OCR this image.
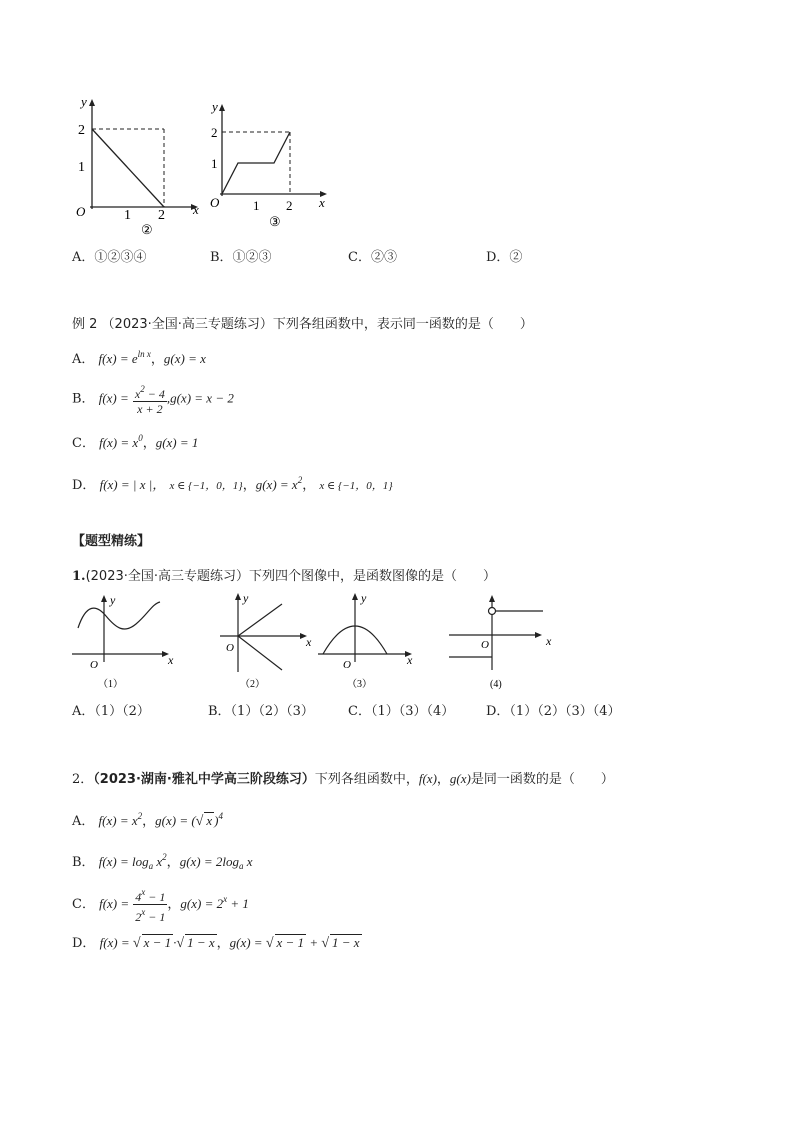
y
2
1
O	1 2 x
②
y
2
1
O	1 2 x
③
A．①②③④	B．①②③	C．②③	D．②
例 2 （2023·全国·高三专题练习）下列各组函数中，表示同一函数的是（　　）
A． $f(x) = e^{ln x}$，g(x) = x
B． $f(x) = \frac{x^2 - 4}{x + 2} ,g(x) = x - 2$
C． $f(x) = x^0$，g(x) = 1
D． f(x) = | x |， x ∈ {−1，0，1}，$g(x) = x^2$， x ∈ {−1，0，1}
【题型精练】
1.(2023·全国·高三专题练习）下列四个图像中，是函数图像的是（　　）
y
O	x
（1）
y
O	x
（2）
y
O	x
（3）
O	x
(4)
A．（1）（2）	B．（1）（2）（3）	C．（1）（3）（4） D．（1）（2）（3）（4）
2．（2023·湖南·雅礼中学高三阶段练习）下列各组函数中，f(x)，g(x)是同一函数的是（　　）
A． $f(x) = x^2$，g(x) = (√ x )$^4$
B． $f(x) = \log_a x^2$，$g(x) = 2\log_a$ x
C． $f(x) = \frac{4^x - 1}{2^x - 1}$ ，$g(x) = 2^x + 1$
D． f(x) = √ x − 1 ·√ 1 − x ，g(x) = √ x − 1 + √ 1 − x
